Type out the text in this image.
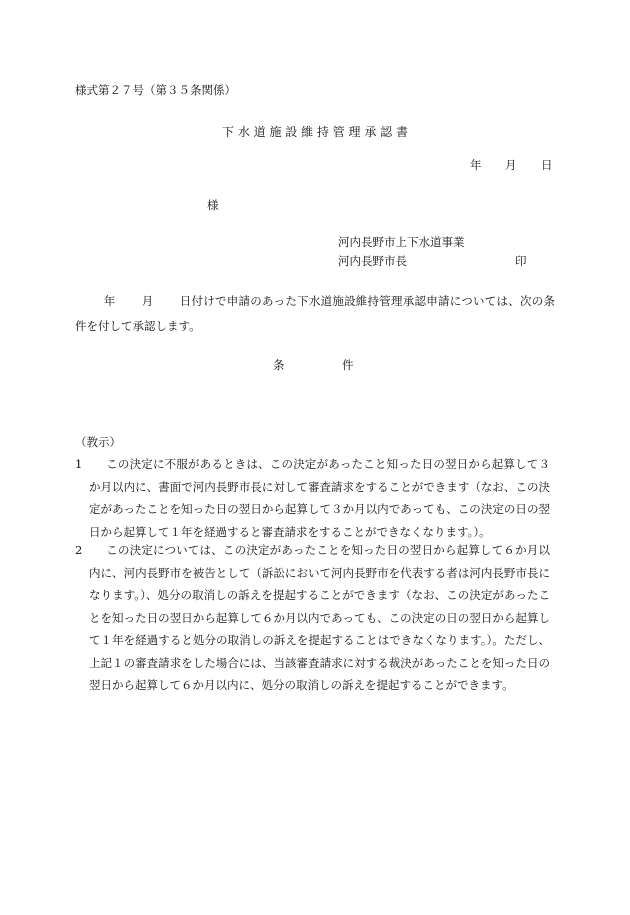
様式第２７号（第３５条関係）
下 水 道 施 設 維 持 管 理 承 認 書
年 月 日
様
河内長野市上下水道事業
河内長野市長	印
年 月 日付けで申請のあった下水道施設維持管理承認申請については、次の条件を付して承認します。
条	件
（教示）
1	この決定に不服があるときは、この決定があったこと知った日の翌日から起算して３か月以内に、書面で河内長野市長に対して審査請求をすることができます（なお、この決定があったことを知った日の翌日から起算して３か月以内であっても、この決定の日の翌日から起算して１年を経過すると審査請求をすることができなくなります。）。
2	この決定については、この決定があったことを知った日の翌日から起算して６か月以内に、河内長野市を被告として（訴訟において河内長野市を代表する者は河内長野市長になります。）、処分の取消しの訴えを提起することができます（なお、この決定があったことを知った日の翌日から起算して６か月以内であっても、この決定の日の翌日から起算して１年を経過すると処分の取消しの訴えを提起することはできなくなります。）。ただし、上記１の審査請求をした場合には、当該審査請求に対する裁決があったことを知った日の翌日から起算して６か月以内に、処分の取消しの訴えを提起することができます。
